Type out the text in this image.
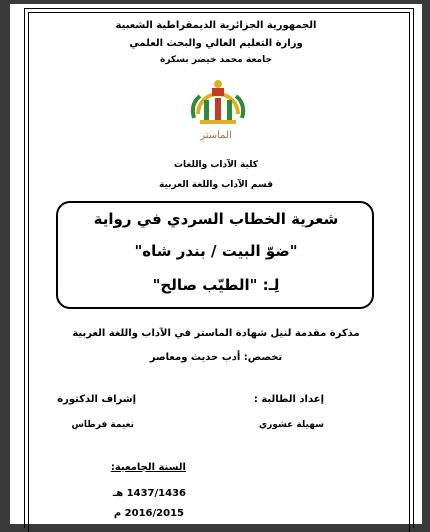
الجمهورية الجزائرية الديمقراطية الشعبية
وزارة التعليم العالي والبحث العلمي
جامعة محمد خيضر بسكرة
الماستر
كلية الآداب واللغات
قسم الآداب واللغة العربية
شعرية الخطاب السردي في رواية
"ضوّ البيت / بندر شاه"
لِـ: "الطيّب صالح"
مذكرة مقدمة لنيل شهادة الماستر في الآداب واللغة العربية
تخصص: أدب حديث ومعاصر
إعداد الطالبة :
سهيلة عشوري
إشراف الدكتورة
نعيمة فرطاس
السنة الجامعية:
1437/1436 هـ
2016/2015 م
